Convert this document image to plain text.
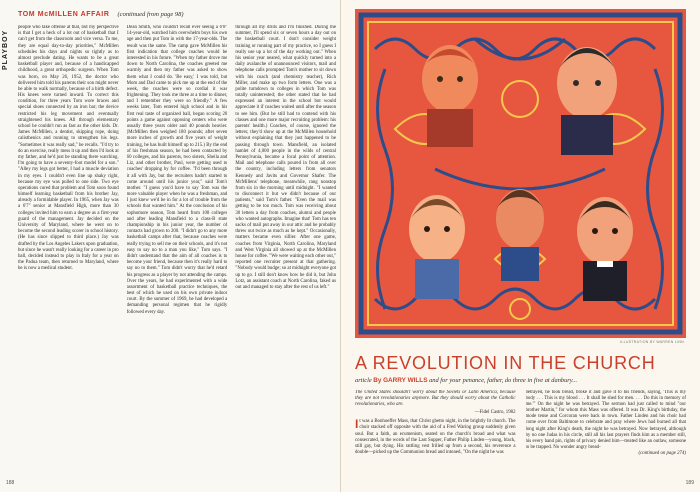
PLAYBOY
TOM McMILLEN AFFAIR (continued from page 98)
people who take offense at that, but my perspective is that I get a heck of a lot out of basketball that I can't get from the classroom and vice versa. To me, they are equal day-to-day priorities," McMillen schedules his days and nights so tightly as to almost preclude dating. He wants to be a great basketball player and, because of a handicapped childhood, a great orthopedic surgeon. When Tom was born, on May 26, 1952, the doctor who delivered him told his parents their son might never be able to walk normally, because of a birth defect. His knees were turned inward. To correct this condition, for three years Tom wore braces and special shoes connected by an iron bar; the device restricted his leg movement and eventually straightened his knees. All through elementary school he couldn't run as fast as the other kids. Dr. James McMillen, a dentist, skipping rope, doing calisthenics and running to strengthen his legs. "Sometimes it was really sad," he recalls. "I'd try to do an exercise, really mess it up and then I'd look at my father, and he'd just be standing there watching. I'm going to have a seventy-foot model for a son." "Alley my legs got better, I had a muscle deviation in my eyes. I couldn't even line up shaky right, because my eye was pulled to one side. Two eye operations cured that problem and Tom soon found himself learning basketball from his brother Jay, already a formidable player. In 1965, when Jay was a 6'7" senior at Mansfield High, more than 30 colleges invited him to earn a degree as a first-year guard of the management. Jay decided on the University of Maryland, where he went on to become the second leading scorer in school history. (He has since slipped to third place.) Jay was drafted by the Los Angeles Lakers upon graduation, but since he wasn't really looking for a career in pro ball, decided instead to play in Italy for a year on the Padua team, then returned to Maryland, where he is now a medical student.
Dean Smith, who couldn't recall ever seeing a 6'8" 14-year-old, watched him overwhelm boys his own age and then put Tom in with the 17-year-olds. The result was the same. The camp gave McMillen his first indication that college coaches would be interested in his future. "When my father drove me down to North Carolina, the coaches greeted me warmly and then my father was asked to show them what I could do. 'Be easy,' I was told, but Mom and Dad came to pick me up at the end of the week, the coaches were so cordial it was frightening. They took me three at a time to dinner, and I remember they were so friendly." A few weeks later, Tom entered high school and in his first real taste of organized ball, began scoring 20 points a game against opposing centers who were usually three years older and 40 pounds heavier. (McMillen then weighed 180 pounds; after seven more inches of growth and five years of weight training, he has built himself up to 215.) By the end of his freshman season, he had been contacted by 60 colleges, and his parents, two sisters, Sheila and Liz, and other brother, Paul, were getting used to coaches' dropping by for coffee. "I'd been through it all with Jay, but the recruiters hadn't started to come around until his junior year," said Tom's mother. "I guess you'd have to say Tom was the more valuable player when he was a freshman, and I just knew we'd be in for a lot of trouble from the schools that wanted him." At the conclusion of his sophomore season, Tom heard from 108 colleges and after leading Mansfield to a class-B state championship in his junior year, the number of contacts had grown to 200. "I didn't go to any more basketball camps after that, because coaches were really trying to sell me on their schools, and it's not easy to say no to a man you like," Tom says. "I didn't understand that the aim of all coaches is to become your friend, because then it's really hard to say no to them." Tom didn't worry that he'd retard his progress as a player by not attending the camps. Over the years, he had experimented with a wide assortment of basketball practice techniques, the best of which he used on his own private indoor court. By the summer of 1969, he had developed a demanding personal regimen that he rigidly followed every day.
through all my drills and I'm finished. During the summer, I'll spend six or seven hours a day out on the basketball court. I don't consider weight training or running part of my practice, so I guess I really use up a lot of the day working out." When his senior year neared, what quickly turned into a daily avalanche of unannounced visitors, mail and telephone calls prompted Tom's mother to sit down with his coach (and chemistry teacher), Rich Miller, and make up two form letters. One was a polite turndown to colleges in which Tom was totally uninterested; the other stated that he had expressed an interest in the school but would appreciate it if coaches waited until after the season to see him. (But he still had to contend with his classes and one more major recruiting problem: his parents' health.) Coaches, of course, ignored the letters; they'd show up at the McMillen household without explaining that they just happened to be passing through town. Mansfield, an isolated hamlet of 4,000 people in the wilds of central Pennsylvania, became a focal point of attention. Mail and telephone calls poured in from all over the country, including letters from senators Kennedy and Javits and Governor Shafer. The McMillens' telephone, meanwhile, rang nonstop from six in the morning until midnight. "I wanted to disconnect it but we didn't because of our patients," said Tom's father. "Even the mail was getting to be too much. Tom was receiving about 30 letters a day from coaches, alumni and people who wanted autographs. Imagine that! Tom has ten sacks of mail put away in our attic and he probably threw out twice as much as he kept." Occasionally, matters became even sillier. After one game, coaches from Virginia, North Carolina, Maryland and West Virginia all showed up at the McMillen house for coffee. "We were waiting each other out," reported one recruiter present at that gathering. "Nobody would budge; so at midnight everyone got up to go. I still don't know how he did it, but John Lotz, an assistant coach at North Carolina, faked us out and managed to stay after the rest of us left."
188
ILLUSTRATION BY WARREN LINN
A REVOLUTION IN THE CHURCH
article By GARRY WILLS and for your penance, father, do three in five at danbury...

The United States shouldn't worry about the Soviets or Latin America, because they are not revolutionaries anymore. But they should worry about the Catholic revolutionaries, who are.

—Fidel Castro, 1982

It was a Bonhoeffer Mass, that Christ ghetto night, in the brightly lit church. The choir stacked off opposite with the aid of a Fred Waring group suddenly given soul. But a faith, an ecumenism, seated on the church's broad and what was consecrated, in the words of the Last Supper, Father Philip Linden—young, black, still gay, but dying. His rattling vest frilled up from a second, his reverence a double—picked up the Communion bread and intoned, "On the night he was

betrayed, he took bread, broke it and gave it to his friends, saying, 'This is my body . . . This is my blood . . . It shall be shed for men. . . . Do this in memory of me.'" On the night he was betrayed. The sermon had just called to mind "our brother Martin," for whom this Mass was offered. It was Dr. King's birthday, the mode tense and Corcoran were back in town. Father Linden and his choir had come over from Baltimore to celebrate and pray where Jews had burned all that long night after King's death, the night he was betrayed. Now betrayed, although by no one Judas in his circle, still all his last prayers finds him as a member still, his every hand pin, rights of privacy denied him—treated like an outlaw, someone to be trapped. No wonder angry bread-

(continued on page 274)

189
